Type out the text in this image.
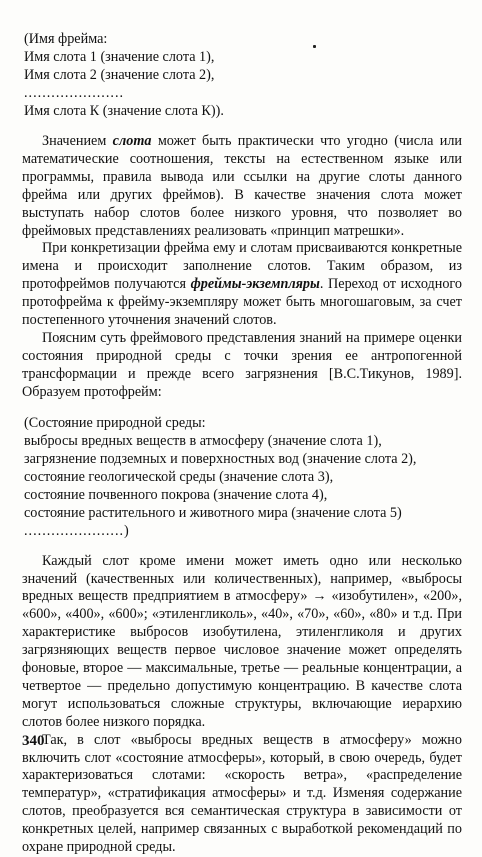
(Имя фрейма:
Имя слота 1 (значение слота 1),
Имя слота 2 (значение слота 2),
......................
Имя слота К (значение слота К)).

Значением слота может быть практически что угодно (числа или математические соотношения, тексты на естественном языке или программы, правила вывода или ссылки на другие слоты данного фрейма или других фреймов). В качестве значения слота может выступать набор слотов более низкого уровня, что позволяет во фреймовых представлениях реализовать «принцип матрешки».

При конкретизации фрейма ему и слотам присваиваются конкретные имена и происходит заполнение слотов. Таким образом, из протофреймов получаются фреймы-экземпляры. Переход от исходного протофрейма к фрейму-экземпляру может быть многошаговым, за счет постепенного уточнения значений слотов.

Поясним суть фреймового представления знаний на примере оценки состояния природной среды с точки зрения ее антропогенной трансформации и прежде всего загрязнения [В.С.Тикунов, 1989]. Образуем протофрейм:

(Состояние природной среды:
выбросы вредных веществ в атмосферу (значение слота 1),
загрязнение подземных и поверхностных вод (значение слота 2),
состояние геологической среды (значение слота 3),
состояние почвенного покрова (значение слота 4),
состояние растительного и животного мира (значение слота 5)
......................)

Каждый слот кроме имени может иметь одно или несколько значений (качественных или количественных), например, «выбросы вредных веществ предприятием в атмосферу» → «изобутилен», «200», «600», «400», «600»; «этиленгликоль», «40», «70», «60», «80» и т.д. При характеристике выбросов изобутилена, этиленгликоля и других загрязняющих веществ первое числовое значение может определять фоновые, второе — максимальные, третье — реальные концентрации, а четвертое — предельно допустимую концентрацию. В качестве слота могут использоваться сложные структуры, включающие иерархию слотов более низкого порядка.

Так, в слот «выбросы вредных веществ в атмосферу» можно включить слот «состояние атмосферы», который, в свою очередь, будет характеризоваться слотами: «скорость ветра», «распределение температур», «стратификация атмосферы» и т.д. Изменяя содержание слотов, преобразуется вся семантическая структура в зависимости от конкретных целей, например связанных с выработкой рекомендаций по охране природной среды.

340
